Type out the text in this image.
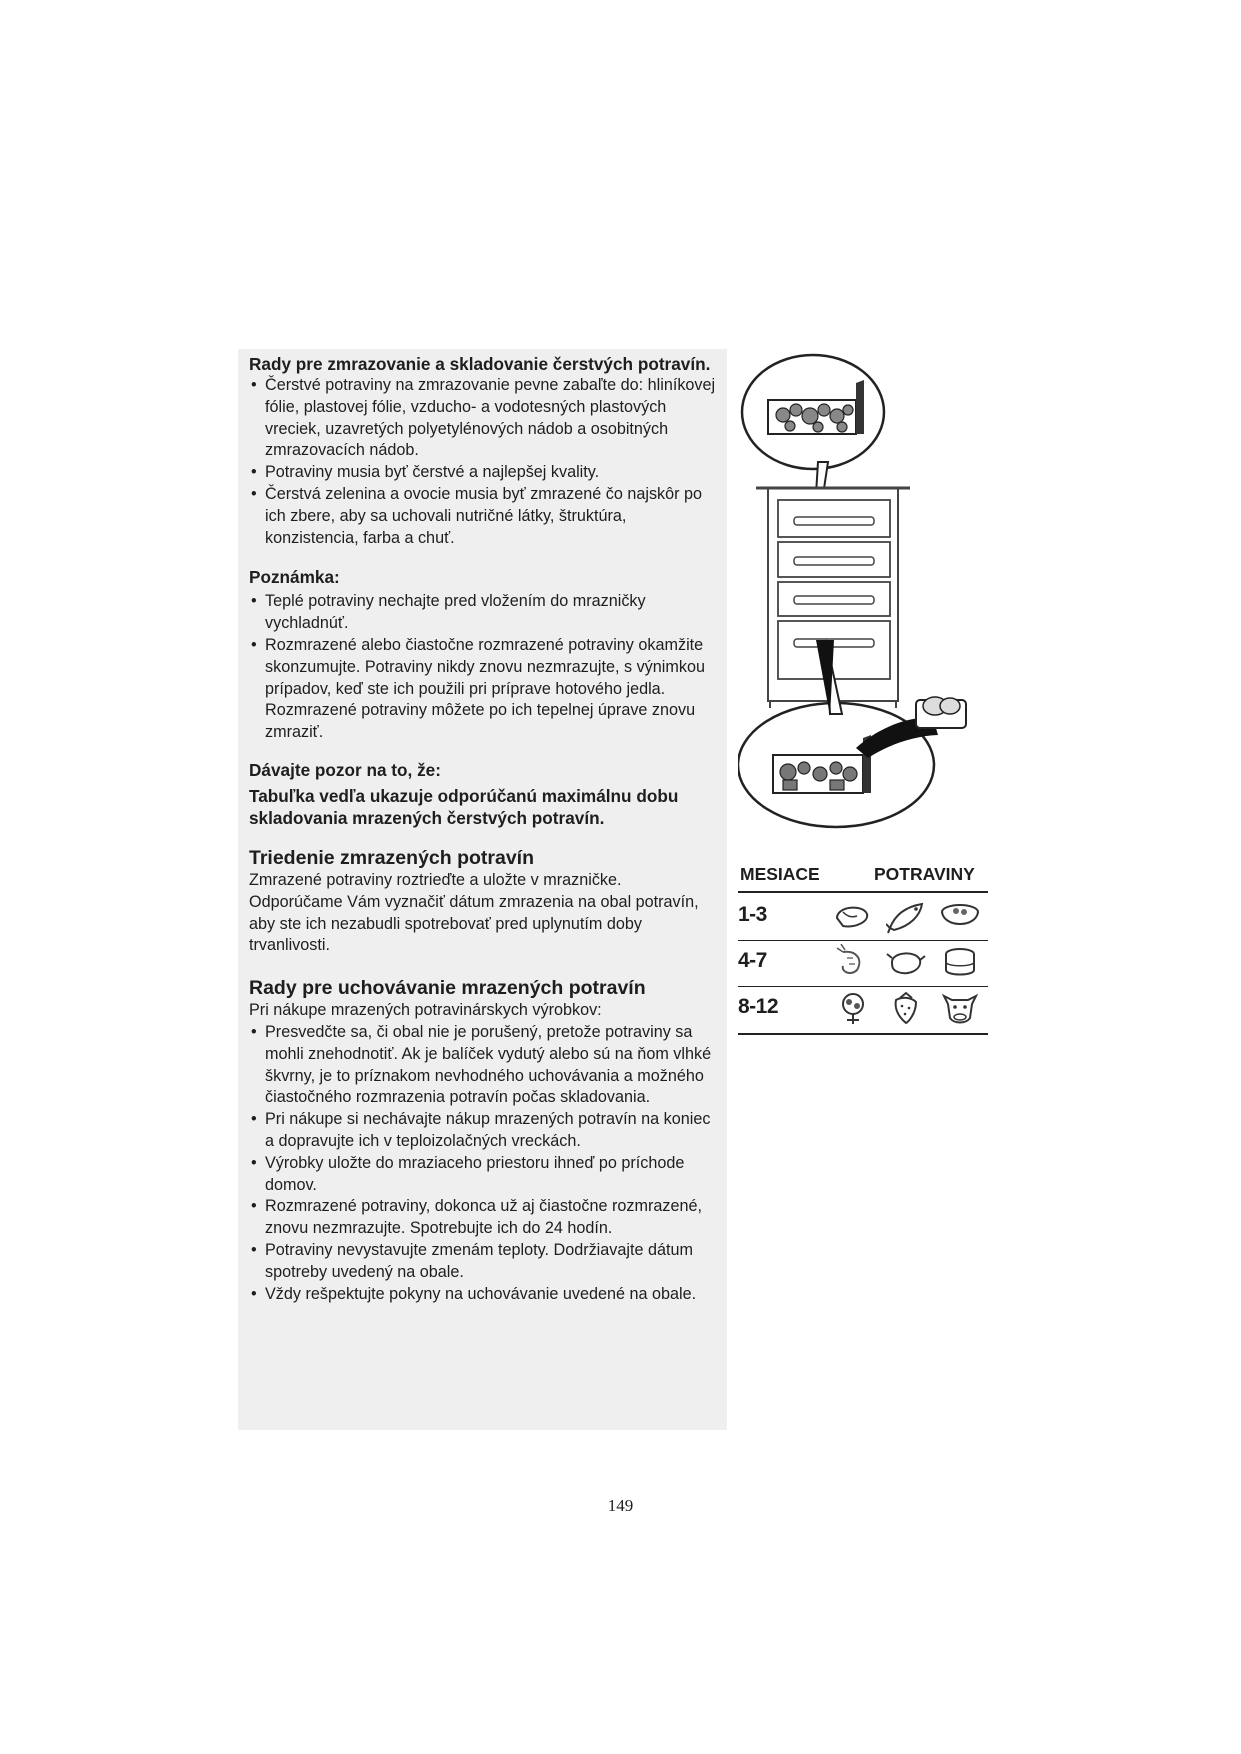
Rady pre zmrazovanie a skladovanie čerstvých potravín.

• Čerstvé potraviny na zmrazovanie pevne zabaľte do: hliníkovej fólie, plastovej fólie, vzducho- a vodotesných plastových vreciek, uzavretých polyetylénových nádob a osobitných zmrazovacích nádob.
• Potraviny musia byť čerstvé a najlepšej kvality.
• Čerstvá zelenina a ovocie musia byť zmrazené čo najskôr po ich zbere, aby sa uchovali nutričné látky, štruktúra, konzistencia, farba a chuť.

Poznámka:

• Teplé potraviny nechajte pred vložením do mrazničky vychladnúť.
• Rozmrazené alebo čiastočne rozmrazené potraviny okamžite skonzumujte. Potraviny nikdy znovu nezmrazujte, s výnimkou prípadov, keď ste ich použili pri príprave hotového jedla. Rozmrazené potraviny môžete po ich tepelnej úprave znovu zmraziť.

Dávajte pozor na to, že:

Tabuľka vedľa ukazuje odporúčanú maximálnu dobu skladovania mrazených čerstvých potravín.

Triedenie zmrazených potravín

Zmrazené potraviny roztrieďte a uložte v mrazničke.

Odporúčame Vám vyznačiť dátum zmrazenia na obal potravín, aby ste ich nezabudli spotrebovať pred uplynutím doby trvanlivosti.

Rady pre uchovávanie mrazených potravín

Pri nákupe mrazených potravinárskych výrobkov:

• Presvedčte sa, či obal nie je porušený, pretože potraviny sa mohli znehodnotiť. Ak je balíček vydutý alebo sú na ňom vlhké škvrny, je to príznakom nevhodného uchovávania a možného čiastočného rozmrazenia potravín počas skladovania.
• Pri nákupe si nechávajte nákup mrazených potravín na koniec a dopravujte ich v teploizolačných vreckách.
• Výrobky uložte do mraziaceho priestoru ihneď po príchode domov.
• Rozmrazené potraviny, dokonca už aj čiastočne rozmrazené, znovu nezmrazujte. Spotrebujte ich do 24 hodín.
• Potraviny nevystavujte zmenám teploty. Dodržiavajte dátum spotreby uvedený na obale.
• Vždy rešpektujte pokyny na uchovávanie uvedené na obale.
MESIACE	POTRAVINY
1-3
4-7
8-12
149
